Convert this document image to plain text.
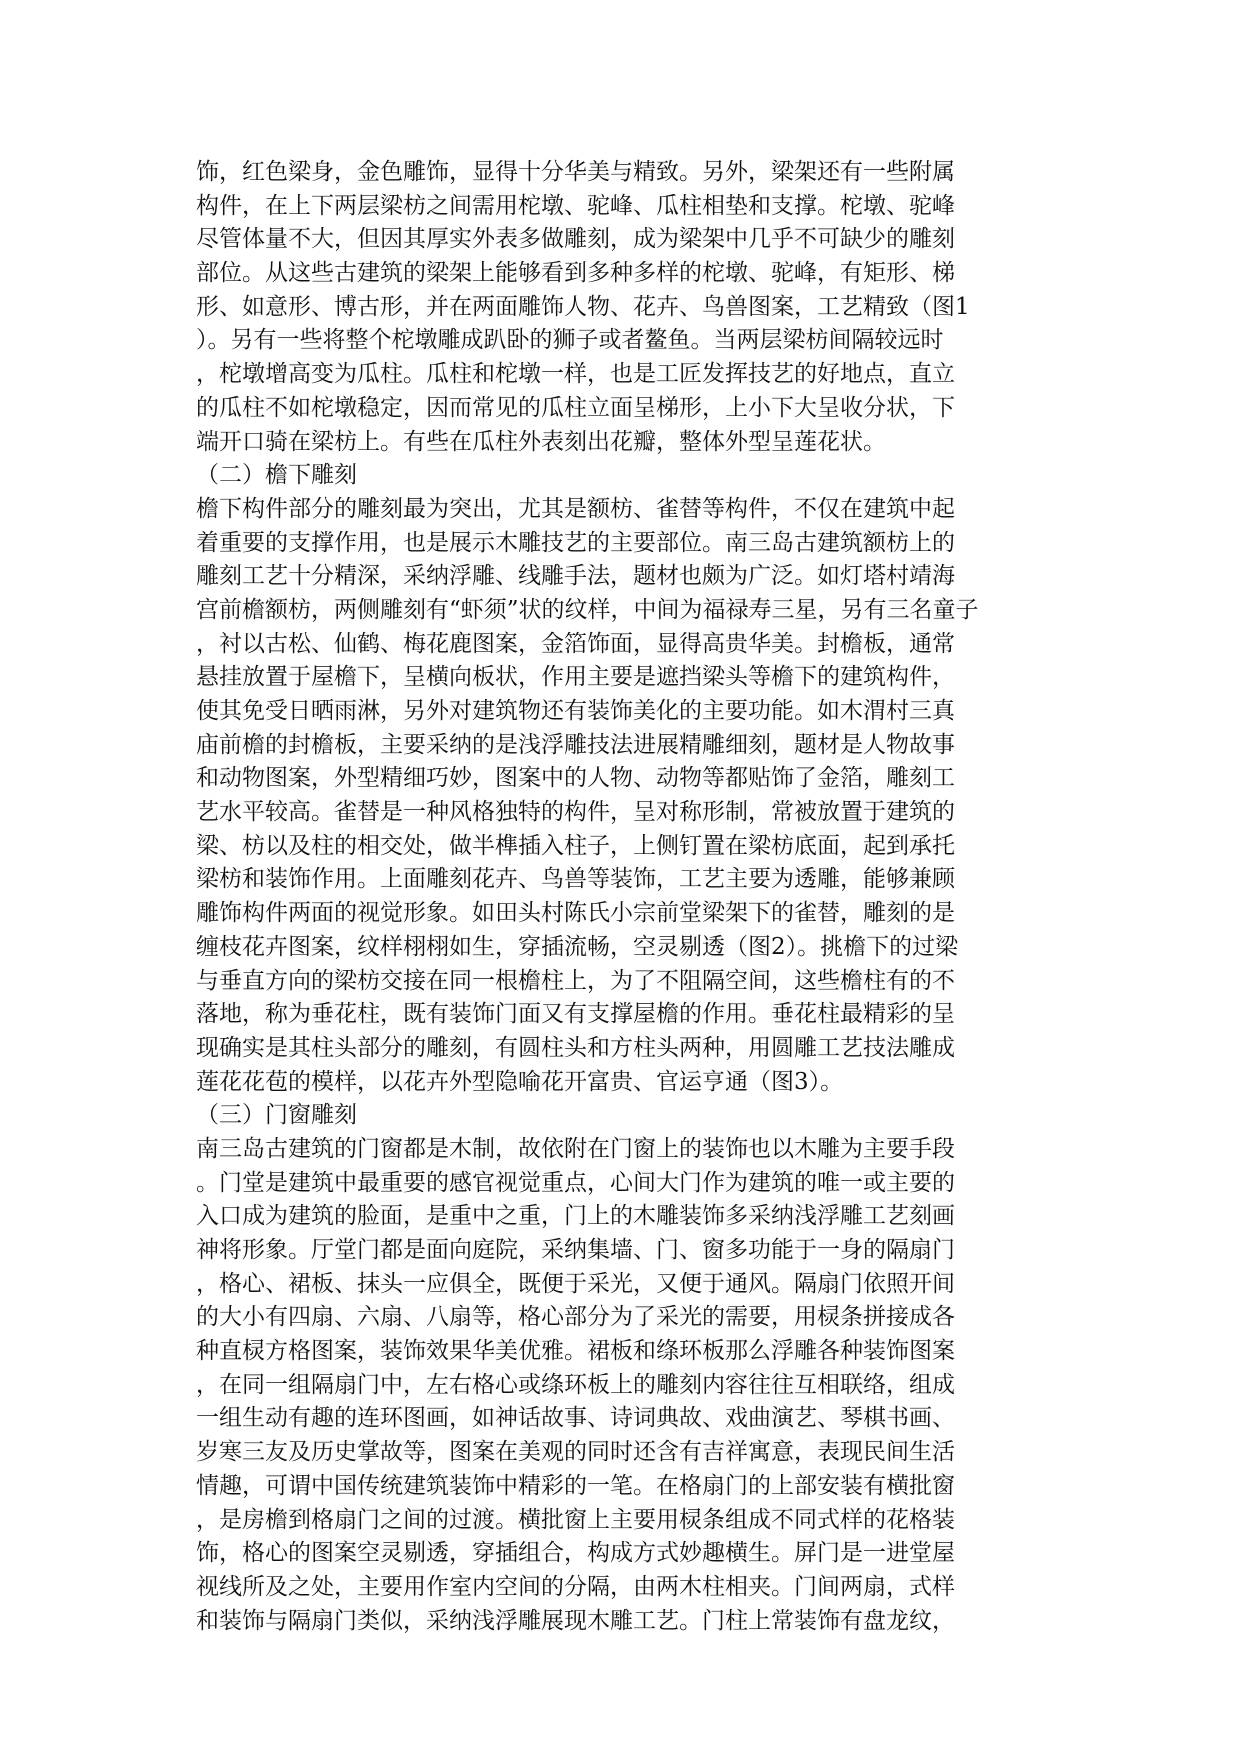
饰，红色梁身，金色雕饰，显得十分华美与精致。另外，梁架还有一些附属
构件，在上下两层梁枋之间需用柁墩、驼峰、瓜柱相垫和支撑。柁墩、驼峰
尽管体量不大，但因其厚实外表多做雕刻，成为梁架中几乎不可缺少的雕刻
部位。从这些古建筑的梁架上能够看到多种多样的柁墩、驼峰，有矩形、梯
形、如意形、博古形，并在两面雕饰人物、花卉、鸟兽图案，工艺精致（图1
）。另有一些将整个柁墩雕成趴卧的狮子或者鳌鱼。当两层梁枋间隔较远时
，柁墩增高变为瓜柱。瓜柱和柁墩一样，也是工匠发挥技艺的好地点，直立
的瓜柱不如柁墩稳定，因而常见的瓜柱立面呈梯形，上小下大呈收分状，下
端开口骑在梁枋上。有些在瓜柱外表刻出花瓣，整体外型呈莲花状。
（二）檐下雕刻
檐下构件部分的雕刻最为突出，尤其是额枋、雀替等构件，不仅在建筑中起
着重要的支撑作用，也是展示木雕技艺的主要部位。南三岛古建筑额枋上的
雕刻工艺十分精深，采纳浮雕、线雕手法，题材也颇为广泛。如灯塔村靖海
宫前檐额枋，两侧雕刻有“虾须”状的纹样，中间为福禄寿三星，另有三名童子
，衬以古松、仙鹤、梅花鹿图案，金箔饰面，显得高贵华美。封檐板，通常
悬挂放置于屋檐下，呈横向板状，作用主要是遮挡梁头等檐下的建筑构件，
使其免受日晒雨淋，另外对建筑物还有装饰美化的主要功能。如木渭村三真
庙前檐的封檐板，主要采纳的是浅浮雕技法进展精雕细刻，题材是人物故事
和动物图案，外型精细巧妙，图案中的人物、动物等都贴饰了金箔，雕刻工
艺水平较高。雀替是一种风格独特的构件，呈对称形制，常被放置于建筑的
梁、枋以及柱的相交处，做半榫插入柱子，上侧钉置在梁枋底面，起到承托
梁枋和装饰作用。上面雕刻花卉、鸟兽等装饰，工艺主要为透雕，能够兼顾
雕饰构件两面的视觉形象。如田头村陈氏小宗前堂梁架下的雀替，雕刻的是
缠枝花卉图案，纹样栩栩如生，穿插流畅，空灵剔透（图2）。挑檐下的过梁
与垂直方向的梁枋交接在同一根檐柱上，为了不阻隔空间，这些檐柱有的不
落地，称为垂花柱，既有装饰门面又有支撑屋檐的作用。垂花柱最精彩的呈
现确实是其柱头部分的雕刻，有圆柱头和方柱头两种，用圆雕工艺技法雕成
莲花花苞的模样，以花卉外型隐喻花开富贵、官运亨通（图3）。
（三）门窗雕刻
南三岛古建筑的门窗都是木制，故依附在门窗上的装饰也以木雕为主要手段
。门堂是建筑中最重要的感官视觉重点，心间大门作为建筑的唯一或主要的
入口成为建筑的脸面，是重中之重，门上的木雕装饰多采纳浅浮雕工艺刻画
神将形象。厅堂门都是面向庭院，采纳集墙、门、窗多功能于一身的隔扇门
，格心、裙板、抹头一应俱全，既便于采光，又便于通风。隔扇门依照开间
的大小有四扇、六扇、八扇等，格心部分为了采光的需要，用棂条拼接成各
种直棂方格图案，装饰效果华美优雅。裙板和绦环板那么浮雕各种装饰图案
，在同一组隔扇门中，左右格心或绦环板上的雕刻内容往往互相联络，组成
一组生动有趣的连环图画，如神话故事、诗词典故、戏曲演艺、琴棋书画、
岁寒三友及历史掌故等，图案在美观的同时还含有吉祥寓意，表现民间生活
情趣，可谓中国传统建筑装饰中精彩的一笔。在格扇门的上部安装有横批窗
，是房檐到格扇门之间的过渡。横批窗上主要用棂条组成不同式样的花格装
饰，格心的图案空灵剔透，穿插组合，构成方式妙趣横生。屏门是一进堂屋
视线所及之处，主要用作室内空间的分隔，由两木柱相夹。门间两扇，式样
和装饰与隔扇门类似，采纳浅浮雕展现木雕工艺。门柱上常装饰有盘龙纹，
